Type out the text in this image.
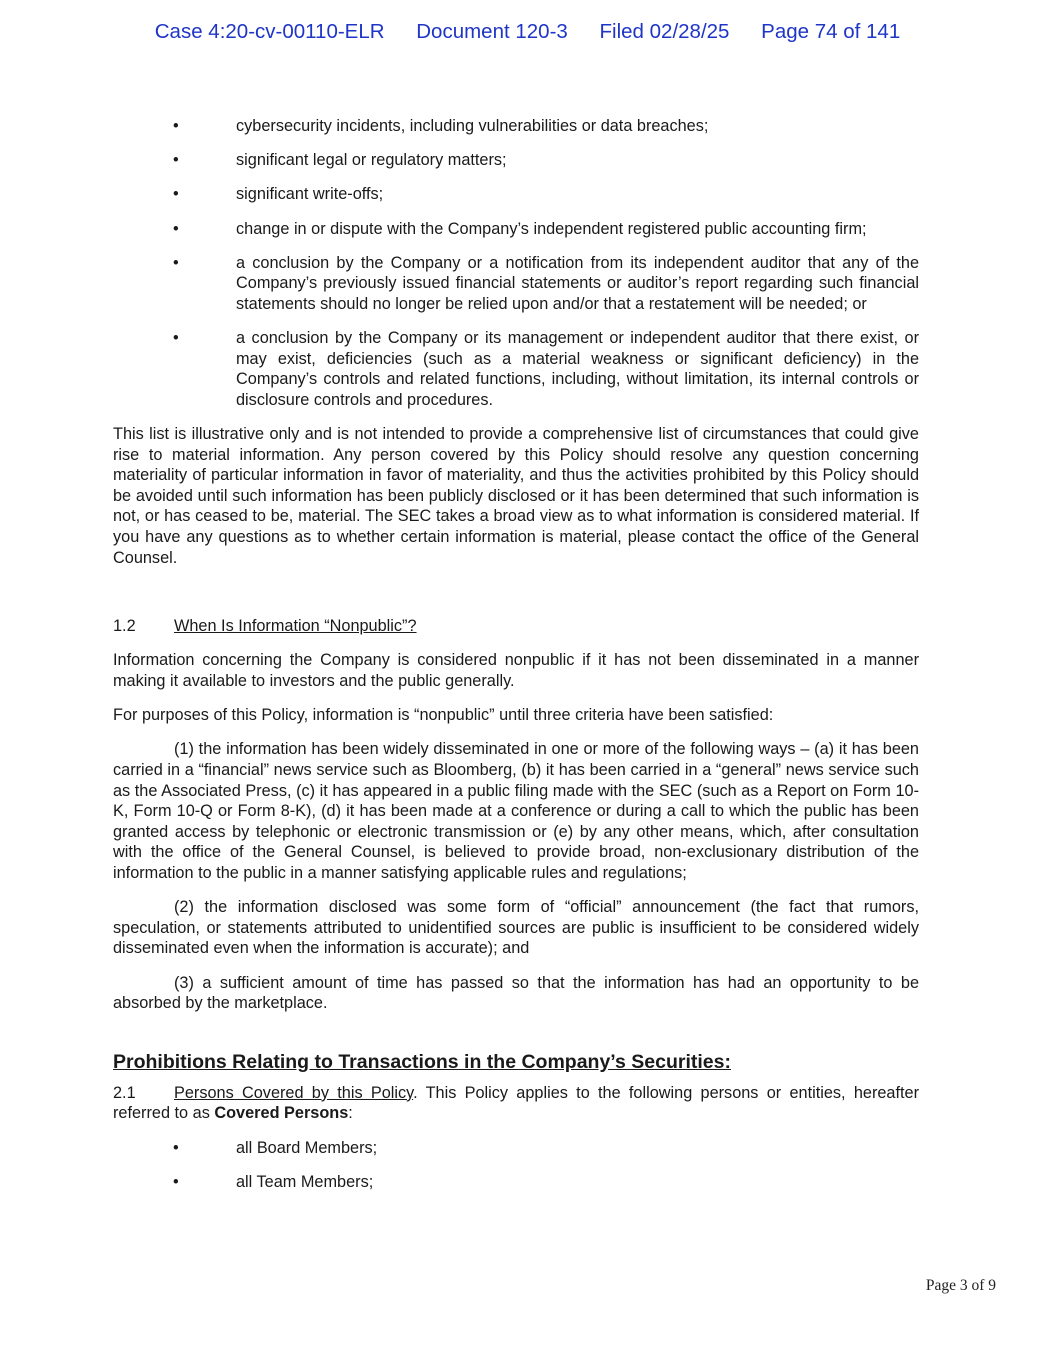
Case 4:20-cv-00110-ELR Document 120-3 Filed 02/28/25 Page 74 of 141
•	cybersecurity incidents, including vulnerabilities or data breaches;
•	significant legal or regulatory matters;
•	significant write-offs;
•	change in or dispute with the Company’s independent registered public accounting firm;
•	a conclusion by the Company or a notification from its independent auditor that any of the Company’s previously issued financial statements or auditor’s report regarding such financial statements should no longer be relied upon and/or that a restatement will be needed; or
•	a conclusion by the Company or its management or independent auditor that there exist, or may exist, deficiencies (such as a material weakness or significant deficiency) in the Company’s controls and related functions, including, without limitation, its internal controls or disclosure controls and procedures.

This list is illustrative only and is not intended to provide a comprehensive list of circumstances that could give rise to material information. Any person covered by this Policy should resolve any question concerning materiality of particular information in favor of materiality, and thus the activities prohibited by this Policy should be avoided until such information has been publicly disclosed or it has been determined that such information is not, or has ceased to be, material. The SEC takes a broad view as to what information is considered material. If you have any questions as to whether certain information is material, please contact the office of the General Counsel.

1.2	When Is Information “Nonpublic”?

Information concerning the Company is considered nonpublic if it has not been disseminated in a manner making it available to investors and the public generally.

For purposes of this Policy, information is “nonpublic” until three criteria have been satisfied:

(1) the information has been widely disseminated in one or more of the following ways – (a) it has been carried in a “financial” news service such as Bloomberg, (b) it has been carried in a “general” news service such as the Associated Press, (c) it has appeared in a public filing made with the SEC (such as a Report on Form 10-K, Form 10-Q or Form 8-K), (d) it has been made at a conference or during a call to which the public has been granted access by telephonic or electronic transmission or (e) by any other means, which, after consultation with the office of the General Counsel, is believed to provide broad, non-exclusionary distribution of the information to the public in a manner satisfying applicable rules and regulations;

(2) the information disclosed was some form of “official” announcement (the fact that rumors, speculation, or statements attributed to unidentified sources are public is insufficient to be considered widely disseminated even when the information is accurate); and

(3) a sufficient amount of time has passed so that the information has had an opportunity to be absorbed by the marketplace.

Prohibitions Relating to Transactions in the Company’s Securities:

2.1 Persons Covered by this Policy. This Policy applies to the following persons or entities, hereafter referred to as Covered Persons:

•	all Board Members;
•	all Team Members;
Page 3 of 9
